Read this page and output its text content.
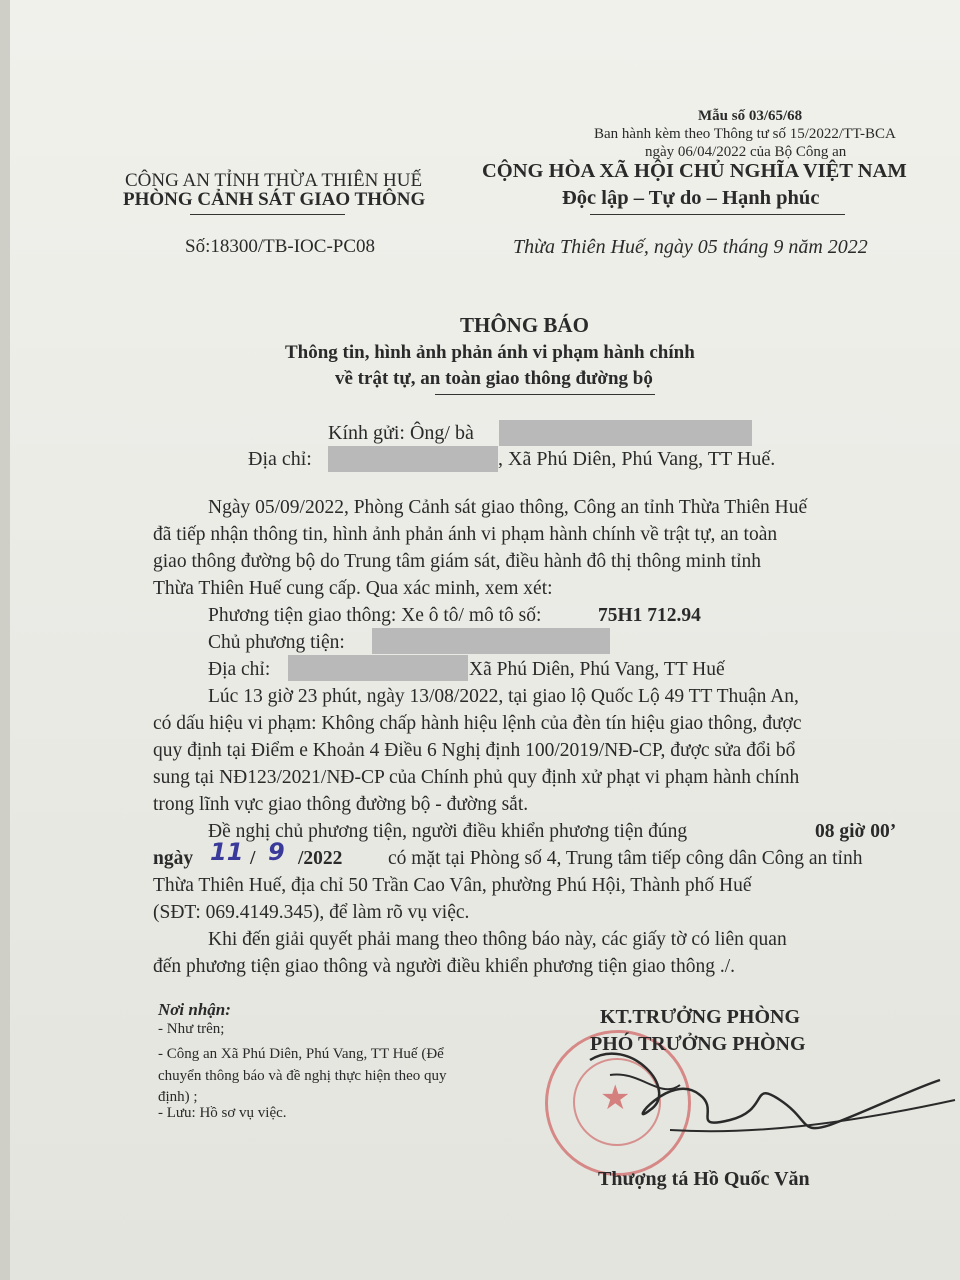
Mẫu số 03/65/68
Ban hành kèm theo Thông tư số 15/2022/TT-BCA
ngày 06/04/2022 của Bộ Công an
CỘNG HÒA XÃ HỘI CHỦ NGHĨA VIỆT NAM
Độc lập – Tự do – Hạnh phúc
Thừa Thiên Huế, ngày 05 tháng 9 năm 2022
CÔNG AN TỈNH THỪA THIÊN HUẾ
PHÒNG CẢNH SÁT GIAO THÔNG
Số:18300/TB-IOC-PC08
THÔNG BÁO
Thông tin, hình ảnh phản ánh vi phạm hành chính
về trật tự, an toàn giao thông đường bộ
Kính gửi: Ông/ bà
Địa chỉ:	, Xã Phú Diên, Phú Vang, TT Huế.
Ngày 05/09/2022, Phòng Cảnh sát giao thông, Công an tỉnh Thừa Thiên Huế
đã tiếp nhận thông tin, hình ảnh phản ánh vi phạm hành chính về trật tự, an toàn
giao thông đường bộ do Trung tâm giám sát, điều hành đô thị thông minh tỉnh
Thừa Thiên Huế cung cấp. Qua xác minh, xem xét:
Phương tiện giao thông: Xe ô tô/ mô tô số:	75H1 712.94
Chủ phương tiện:
Địa chỉ:	Xã Phú Diên, Phú Vang, TT Huế
Lúc 13 giờ 23 phút, ngày 13/08/2022, tại giao lộ Quốc Lộ 49 TT Thuận An,
có dấu hiệu vi phạm: Không chấp hành hiệu lệnh của đèn tín hiệu giao thông, được
quy định tại Điểm e Khoản 4 Điều 6 Nghị định 100/2019/NĐ-CP, được sửa đổi bổ
sung tại NĐ123/2021/NĐ-CP của Chính phủ quy định xử phạt vi phạm hành chính
trong lĩnh vực giao thông đường bộ - đường sắt.
Đề nghị chủ phương tiện, người điều khiển phương tiện đúng	08 giờ 00’
ngày 11 / 9 /2022 có mặt tại Phòng số 4, Trung tâm tiếp công dân Công an tỉnh
Thừa Thiên Huế, địa chỉ 50 Trần Cao Vân, phường Phú Hội, Thành phố Huế
(SĐT: 069.4149.345), để làm rõ vụ việc.
Khi đến giải quyết phải mang theo thông báo này, các giấy tờ có liên quan
đến phương tiện giao thông và người điều khiển phương tiện giao thông ./.
Nơi nhận:
- Như trên;
- Công an Xã Phú Diên, Phú Vang, TT Huế (Để
chuyển thông báo và đề nghị thực hiện theo quy
định) ;
- Lưu: Hồ sơ vụ việc.	★
KT.TRƯỞNG PHÒNG
PHÓ TRƯỞNG PHÒNG
Thượng tá Hồ Quốc Văn
